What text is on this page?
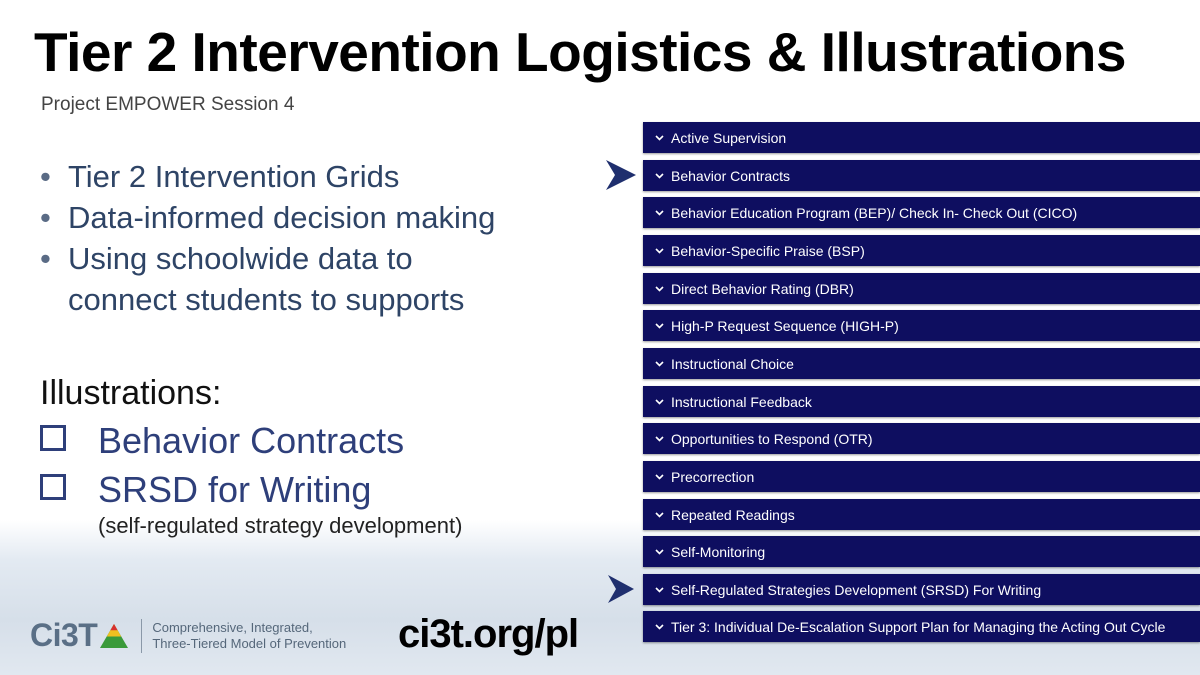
Tier 2 Intervention Logistics & Illustrations
Project EMPOWER Session 4
• Tier 2 Intervention Grids
• Data-informed decision making
• Using schoolwide data to
connect students to supports
Illustrations:
Behavior Contracts
SRSD for Writing
(self-regulated strategy development)
Ci3T	Comprehensive, Integrated,
Three-Tiered Model of Prevention ci3t.org/pl
Active Supervision
Behavior Contracts
Behavior Education Program (BEP)/ Check In- Check Out (CICO)
Behavior-Specific Praise (BSP)
Direct Behavior Rating (DBR)
High-P Request Sequence (HIGH-P)
Instructional Choice
Instructional Feedback
Opportunities to Respond (OTR)
Precorrection
Repeated Readings
Self-Monitoring
Self-Regulated Strategies Development (SRSD) For Writing
Tier 3: Individual De-Escalation Support Plan for Managing the Acting Out Cycle
